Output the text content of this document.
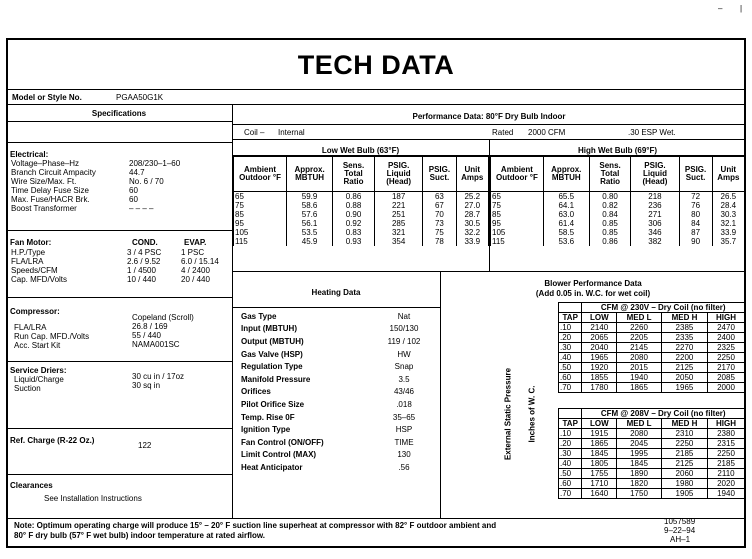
– |
TECH DATA
Model or Style No.	PGAA50G1K
Specifications	Performance Data: 80°F Dry Bulb Indoor
Coil – Internal	Rated 2000 CFM	.30 ESP Wet.
Electrical:
Voltage–Phase–Hz	208/230–1–60
Branch Circuit Ampacity	44.7
Wire Size/Max. Ft.	No. 6 / 70
Time Delay Fuse Size	60
Max. Fuse/HACR Brk.	60
Boost Transformer	– – – –
Fan Motor:	COND.	EVAP.
H.P./Type	3 / 4 PSC	1 PSC
FLA/LRA	2.6 / 9.52	6.0 / 15.14
Speeds/CFM	1 / 4500	4 / 2400
Cap. MFD/Volts	10 / 440	20 / 440
Compressor:
Copeland (Scroll)
FLA/LRA	26.8 / 169
Run Cap. MFD./Volts	55 / 440
Acc. Start Kit	NAMA001SC
Service Driers:
Liquid/Charge	30 cu in / 17oz
Suction	30 sq in
Ref. Charge (R-22 Oz.)
122
Clearances
See Installation Instructions
Low Wet Bulb (63°F)	High Wet Bulb (69°F)
Ambient Outdoor °F	Approx. MBTUH	Sens. Total Ratio	PSIG. Liquid (Head)	PSIG. Suct.	Unit Amps
65	59.9	0.86	187	63	25.2
75	58.6	0.88	221	67	27.0
85	57.6	0.90	251	70	28.7
95	56.1	0.92	285	73	30.5
105	53.5	0.83	321	75	32.2
115	45.9	0.93	354	78	33.9
Ambient Outdoor °F	Approx. MBTUH	Sens. Total Ratio	PSIG. Liquid (Head)	PSIG. Suct.	Unit Amps
65	65.5	0.80	218	72	26.5
75	64.1	0.82	236	76	28.4
85	63.0	0.84	271	80	30.3
95	61.4	0.85	306	84	32.1
105	58.5	0.85	346	87	33.9
115	53.6	0.86	382	90	35.7
Heating Data
Gas Type	Nat
Input (MBTUH)	150/130
Output (MBTUH)	119 / 102
Gas Valve (HSP)	HW
Regulation Type	Snap
Manifold Pressure	3.5
Orifices	43/46
Pilot Orifice Size	.018
Temp. Rise 0F	35–65
Ignition Type	HSP
Fan Control (ON/OFF)	TIME
Limit Control (MAX)	130
Heat Anticipator	.56
Blower Performance Data
(Add 0.05 in. W.C. for wet coil)
External Static Pressure Inches of W. C.
	CFM @ 230V – Dry Coil (no filter)			
TAP	LOW	MED L	MED H	HIGH
.10	2140	2260	2385	2470
.20	2065	2205	2335	2400
.30	2040	2145	2270	2325
.40	1965	2080	2200	2250
.50	1920	2015	2125	2170
.60	1855	1940	2050	2085
.70	1780	1865	1965	2000
	CFM @ 208V – Dry Coil (no filter)			
TAP	LOW	MED L	MED H	HIGH
.10	1915	2080	2310	2380
.20	1865	2045	2250	2315
.30	1845	1995	2185	2250
.40	1805	1845	2125	2185
.50	1755	1890	2060	2110
.60	1710	1820	1980	2020
.70	1640	1750	1905	1940
Note: Optimum operating charge will produce 15° – 20° F suction line superheat at compressor with 82° F outdoor ambient and 80° F dry bulb (57° F wet bulb) indoor temperature at rated airflow.
1057589
9–22–94
AH–1
